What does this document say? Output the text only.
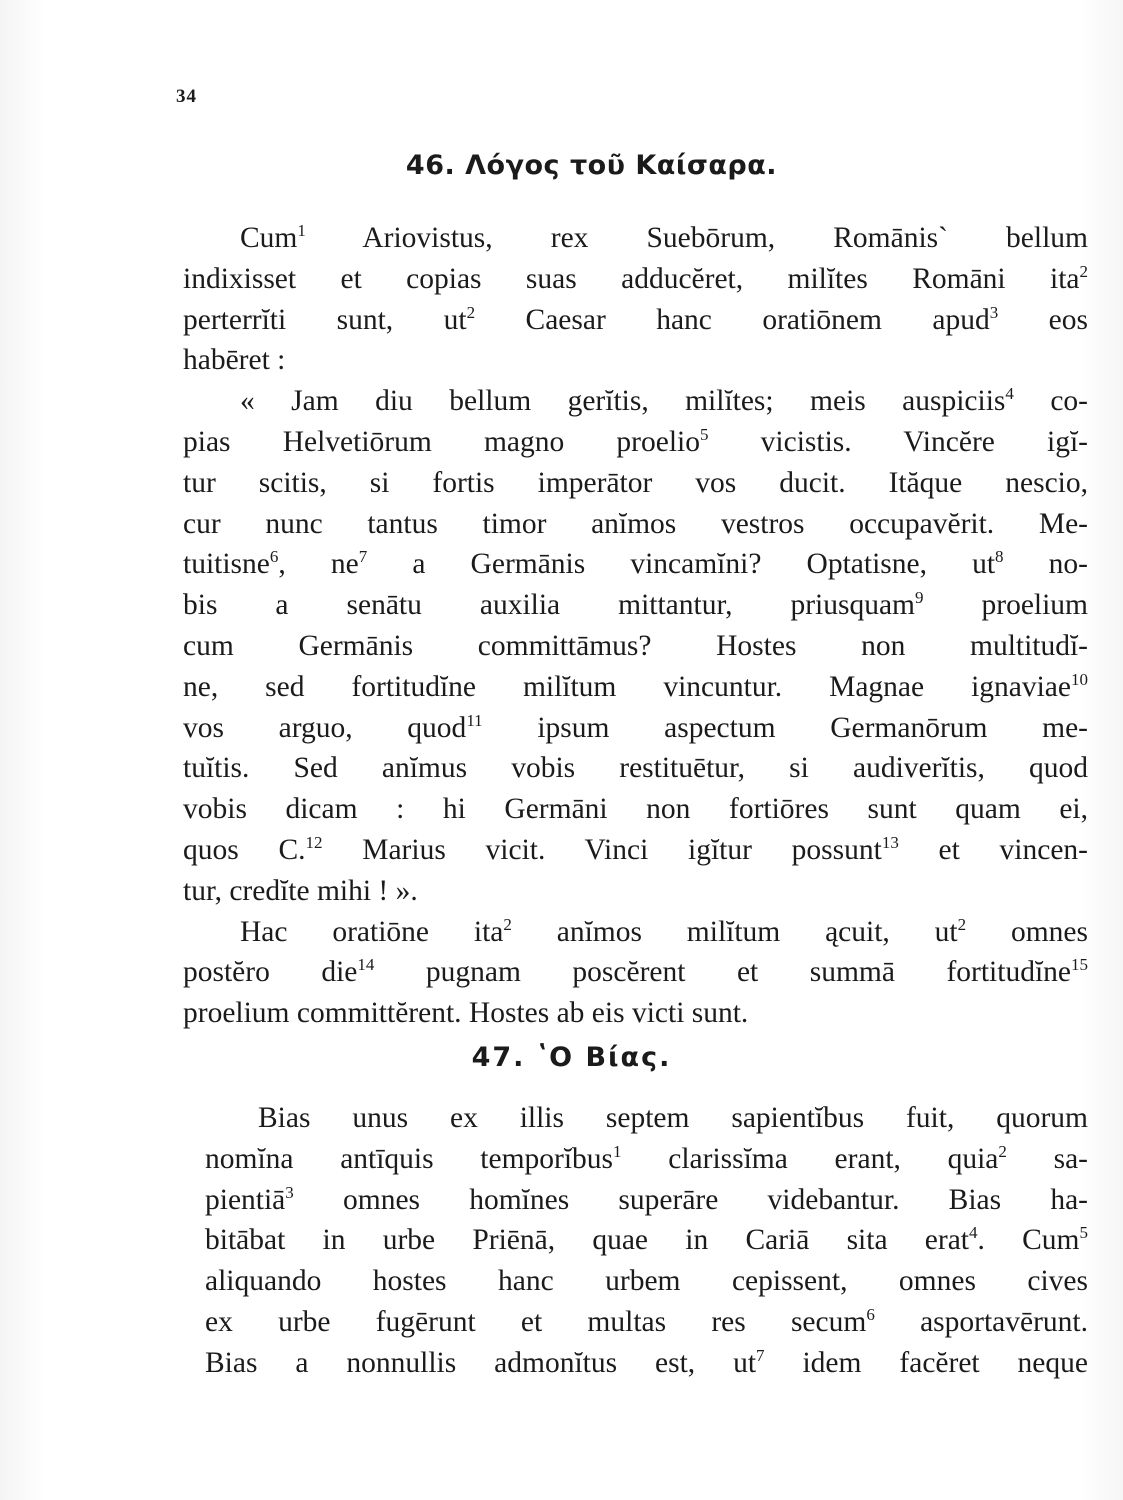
34
46. Λόγος τοῦ Καίσαρα.
Cum$^1$ Ariovistus, rex Suebōrum, Romānis` bellum
indixisset et copias suas adducĕret, milĭtes Romāni ita$^2$
perterrĭti sunt, $ut^2$ Caesar hanc oratiōnem apud$^3$ eos
habēret :
« Jam diu bellum gerĭtis, milĭtes; meis auspiciis$^4$ co-
pias Helvetiōrum magno proelio$^5$ vicistis. Vincĕre igĭ-
tur scitis, si fortis imperātor vos ducit. Ităque nescio,
cur nunc tantus timor anĭmos vestros occupavĕrit. Me-
tuitisne$^6$, $ne^7$ a Germānis vincamĭni? Optatisne, $ut^8$ no-
bis a senātu auxilia mittantur, priusquam$^9$ proelium
cum Germānis committāmus? Hostes non multitudĭ-
ne, sed fortitudĭne milĭtum vincuntur. Magnae ignaviae$^{10}$
vos arguo, quod$^{11}$ ipsum aspectum Germanōrum me-
tuĭtis. Sed anĭmus vobis restituētur, si audiverĭtis, quod
vobis dicam : hi Germāni non fortiōres sunt quam ei,
quos C.$^{12}$ Marius vicit. Vinci igĭtur possunt$^{13}$ et vincen-
tur, credĭte mihi ! ».
Hac oratiōne ita$^2$ anĭmos milĭtum ącuit, $ut^2$ omnes
postĕro die$^{14}$ pugnam poscĕrent et summā fortitudĭne$^{15}$
proelium committĕrent. Hostes ab eis victi sunt.
47. ʽΟ Βίας.
Bias unus ex illis septem sapientĭbus fuit, quorum
nomĭna antīquis temporĭbus$^1$ clarissĭma erant, quia$^2$ sa-
pientiā$^3$ omnes homĭnes superāre videbantur. Bias ha-
bitābat in urbe Priēnā, quae in Cariā sita erat$^4$. Cum$^5$
aliquando hostes hanc urbem cepissent, omnes cives
ex urbe fugērunt et multas res secum$^6$ asportavērunt.
Bias a nonnullis admonĭtus est, $ut^7$ idem facĕret neque
